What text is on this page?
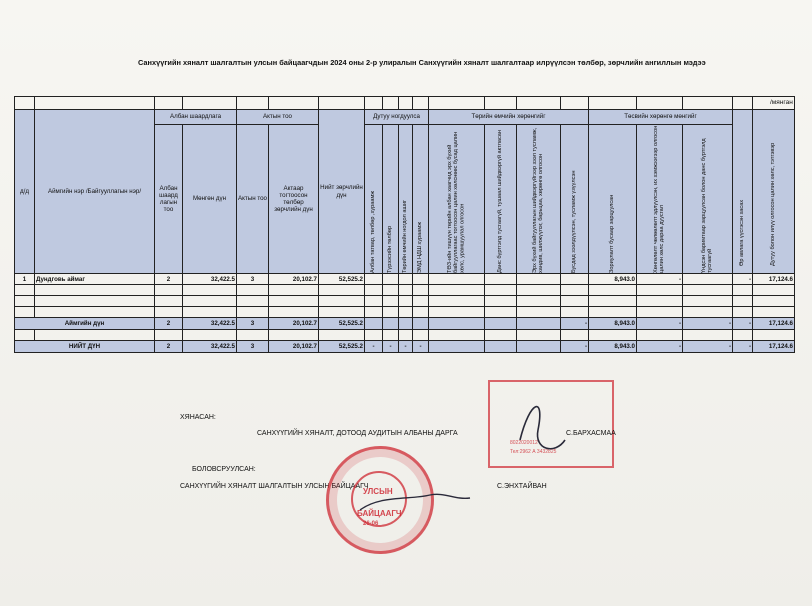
Санхүүгийн хяналт шалгалтын улсын байцаагчдын 2024 оны 2-р улиралын Санхүүгийн хяналт шалгалтаар илрүүлсэн төлбөр, зөрчлийн ангиллын мэдээ
/мянган

д/д	Аймгийн нэр /Байгууллагын нэр/	Албан шаардлага		Актын тоо		Нийт зөрчлийн дүн	Дутуу ногдуулса				Төрийн өмчийн хөрөнгийг				Төсвийн хөрөнгө мөнгийг			Өр авлага үүсгэсэн хасах	Дутуу болон илүү олгосон цалин хөлс, тэтгэвэр

		Албан шаард лагын тоо	Мөнгөн дүн	Актын тоо	Актаар тогтоосон төлбөр зөрчлийн дүн		Албан татвар, төлбөр ,хураамж	Түрээсийн төлбөр	Төрийн өмчийн ногдол ашиг	ЭМД НДШ хураамж	ТӨЗ-ийн тишүүн төрийн албан хаагчид эрх бүхий байгууллагаас тогтоосон цалин хөлснөөс бусад цалин хөлс, урамшуулал олгосон	Данс бүртгэлд тусгаагүй, тушаал шийдвэргүй актласан	Эрх бүхий байгууллагын шийдвэргүйгээр зээл тусламж, хандив, шилжүүлэг, барьцаа, хөрөнгө олгосон	Бусдад зээлдүүлсэн, тусламж үзүүлсэн	Зориулалт бусаар зарцуулсан	Хөнгөлөлт чөлөөлөлт эдлүүлсэн, их хэмжээгээр олгосон цалин хөлс дараа дуусгал	Үндсэн баримтаар зарцуулсан болон данс бүртгэлд тусгаагүй		

1	Дундговь аймаг	2	32,422.5	3	20,102.7	52,525.2									8,943.0	-		-	17,124.6

Аймгийн дүн		2	32,422.5	3	20,102.7	52,525.2								-	8,943.0	-	-	-	17,124.6

НИЙТ ДҮН		2	32,422.5	3	20,102.7	52,525.2	-	-	-	-				-	8,943.0	-	-	-	17,124.6
8022020012
Тел:2962 А 3432825
ХЯНАСАН:
САНХҮҮГИЙН ХЯНАЛТ, ДОТООД АУДИТЫН АЛБАНЫ ДАРГА	С.БАРХАСМАА
БОЛОВСРУУЛСАН:
САНХҮҮГИЙН ХЯНАЛТ ШАЛГАЛТЫН УЛСЫН БАЙЦААГЧ	С.ЭНХТАЙВАН
УЛСЫН
БАЙЦААГЧ
26-06
